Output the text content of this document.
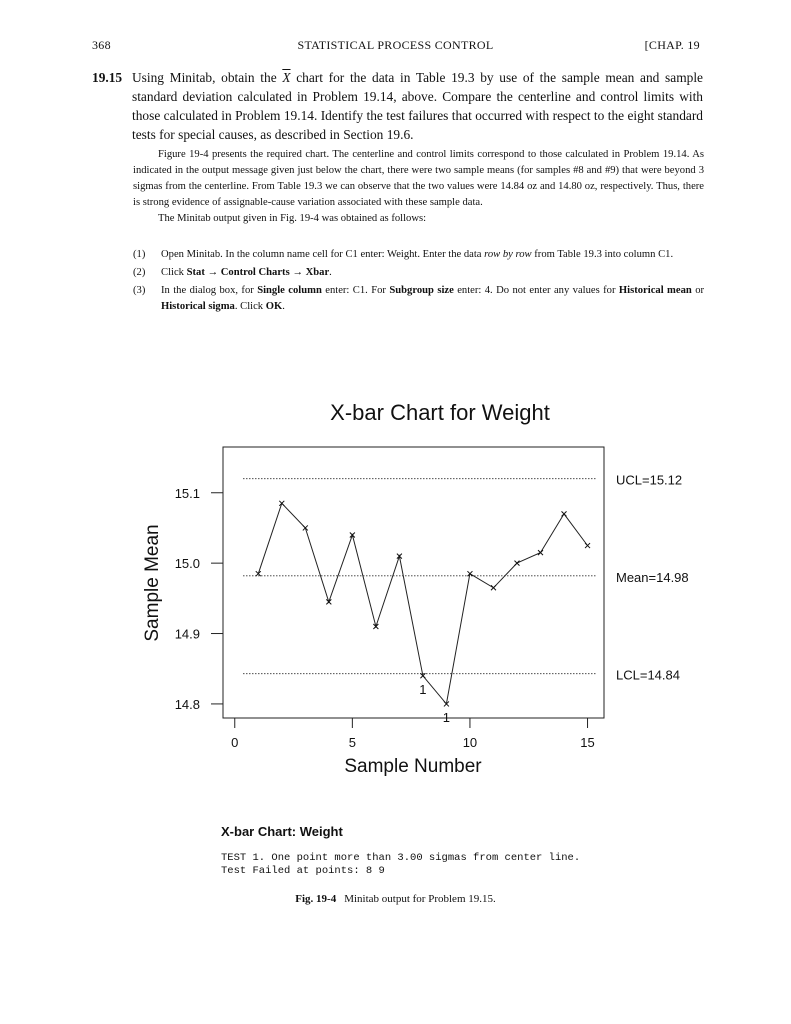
368	STATISTICAL PROCESS CONTROL	[CHAP. 19
19.15 Using Minitab, obtain the $\overline{X}$ chart for the data in Table 19.3 by use of the sample mean and sample standard deviation calculated in Problem 19.14, above. Compare the centerline and control limits with those calculated in Problem 19.14. Identify the test failures that occurred with respect to the eight standard tests for special causes, as described in Section 19.6.

Figure 19-4 presents the required chart. The centerline and control limits correspond to those calculated in Problem 19.14. As indicated in the output message given just below the chart, there were two sample means (for samples #8 and #9) that were beyond 3 sigmas from the centerline. From Table 19.3 we can observe that the two values were 14.84 oz and 14.80 oz, respectively. Thus, there is strong evidence of assignable-cause variation associated with these sample data.

The Minitab output given in Fig. 19-4 was obtained as follows:

(1) Open Minitab. In the column name cell for C1 enter: Weight. Enter the data row by row from Table 19.3 into column C1.
(2) Click Stat → Control Charts → Xbar.
(3) In the dialog box, for Single column enter: C1. For Subgroup size enter: 4. Do not enter any values for Historical mean or Historical sigma. Click OK.
X-bar Chart for Weight
14.8
14.9
15.0
15.1
0	5	10	15
Sample Number
Sample Mean
UCL=15.12
Mean=14.98
LCL=14.84
1
1
X-bar Chart: Weight
TEST 1. One point more than 3.00 sigmas from center line.
Test Failed at points: 8 9
Fig. 19-4 Minitab output for Problem 19.15.
